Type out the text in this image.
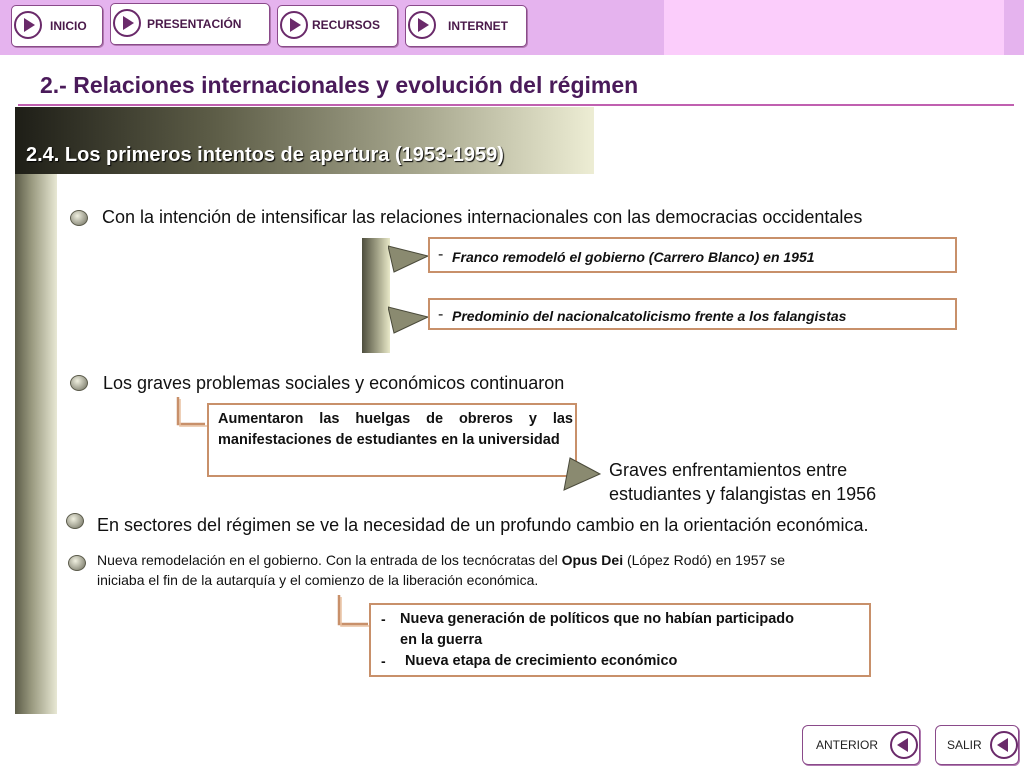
INICIO	PRESENTACIÓN	RECURSOS	INTERNET
2.- Relaciones internacionales y evolución del régimen
2.4. Los primeros intentos de apertura (1953-1959)
Con la intención de intensificar las relaciones internacionales con las democracias occidentales
- Franco remodeló el gobierno (Carrero Blanco) en 1951
- Predominio del nacionalcatolicismo frente a los falangistas
Los graves problemas sociales y económicos continuaron
Aumentaron las huelgas de obreros y las manifestaciones de estudiantes en la universidad
Graves enfrentamientos entre
estudiantes y falangistas en 1956
En sectores del régimen se ve la necesidad de un profundo cambio en la orientación económica.
Nueva remodelación en el gobierno. Con la entrada de los tecnócratas del Opus Dei (López Rodó) en 1957 se
iniciaba el fin de la autarquía y el comienzo de la liberación económica.
- Nueva generación de políticos que no habían participado
en la guerra
- Nueva etapa de crecimiento económico
ANTERIOR	SALIR
